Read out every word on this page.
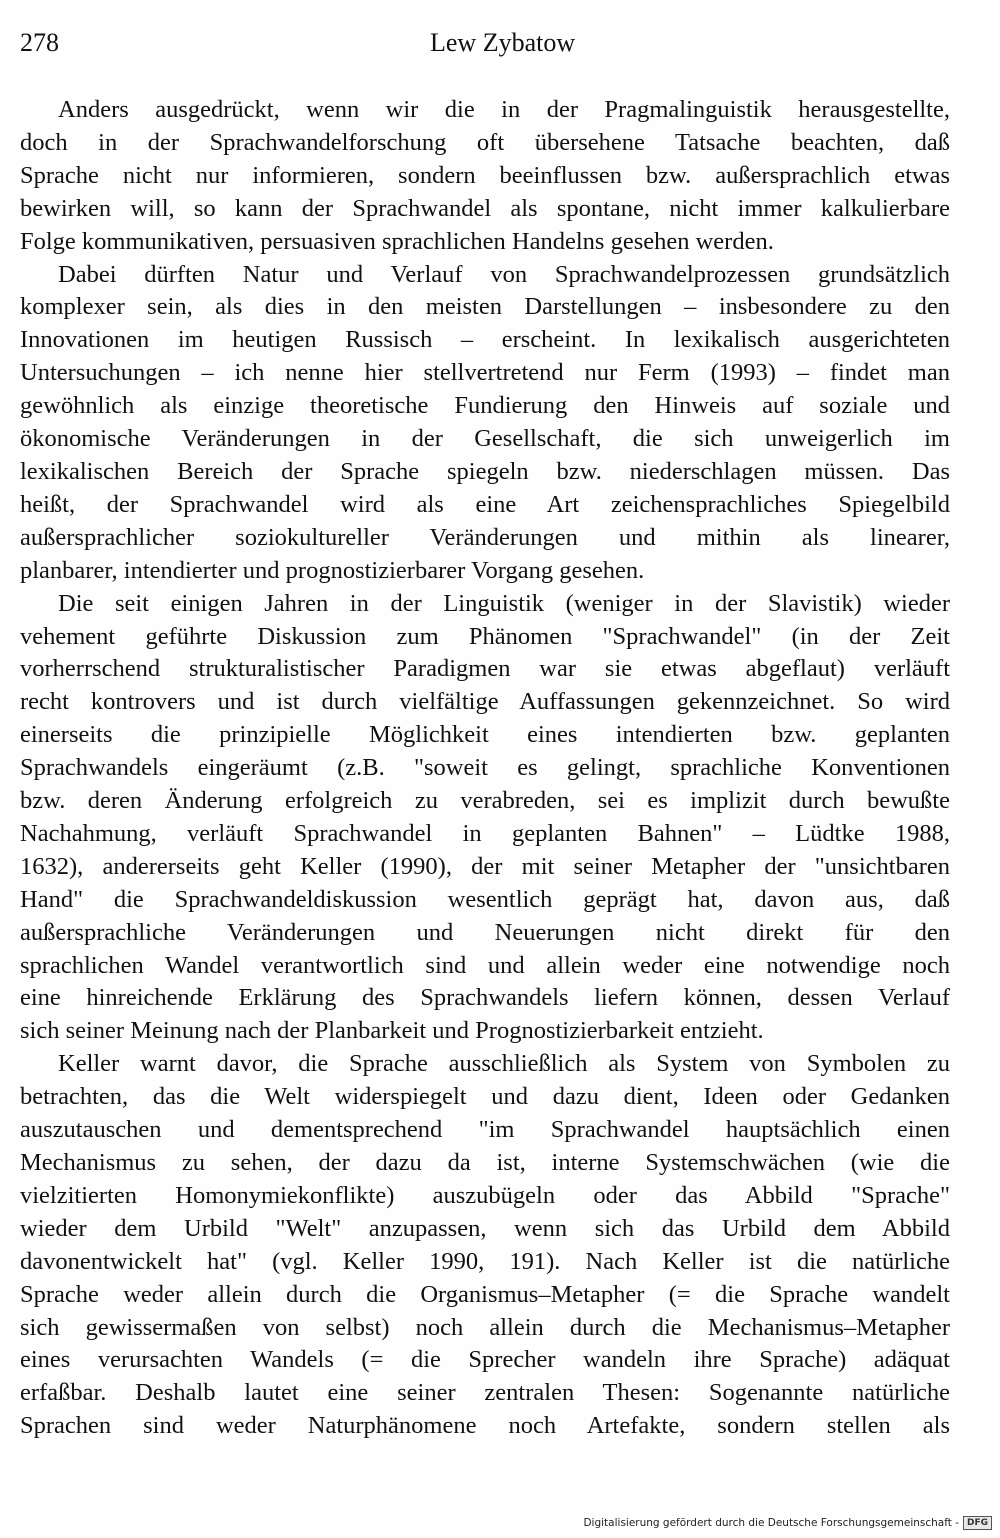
278	Lew Zybatow

Anders ausgedrückt, wenn wir die in der Pragmalinguistik herausgestellte,
doch in der Sprachwandelforschung oft übersehene Tatsache beachten, daß
Sprache nicht nur informieren, sondern beeinflussen bzw. außersprachlich etwas
bewirken will, so kann der Sprachwandel als spontane, nicht immer kalkulierbare
Folge kommunikativen, persuasiven sprachlichen Handelns gesehen werden.

Dabei dürften Natur und Verlauf von Sprachwandelprozessen grundsätzlich
komplexer sein, als dies in den meisten Darstellungen – insbesondere zu den
Innovationen im heutigen Russisch – erscheint. In lexikalisch ausgerichteten
Untersuchungen – ich nenne hier stellvertretend nur Ferm (1993) – findet man
gewöhnlich als einzige theoretische Fundierung den Hinweis auf soziale und
ökonomische Veränderungen in der Gesellschaft, die sich unweigerlich im
lexikalischen Bereich der Sprache spiegeln bzw. niederschlagen müssen. Das
heißt, der Sprachwandel wird als eine Art zeichensprachliches Spiegelbild
außersprachlicher soziokultureller Veränderungen und mithin als linearer,
planbarer, intendierter und prognostizierbarer Vorgang gesehen.

Die seit einigen Jahren in der Linguistik (weniger in der Slavistik) wieder
vehement geführte Diskussion zum Phänomen "Sprachwandel" (in der Zeit
vorherrschend strukturalistischer Paradigmen war sie etwas abgeflaut) verläuft
recht kontrovers und ist durch vielfältige Auffassungen gekennzeichnet. So wird
einerseits die prinzipielle Möglichkeit eines intendierten bzw. geplanten
Sprachwandels eingeräumt (z.B. "soweit es gelingt, sprachliche Konventionen
bzw. deren Änderung erfolgreich zu verabreden, sei es implizit durch bewußte
Nachahmung, verläuft Sprachwandel in geplanten Bahnen" – Lüdtke 1988,
1632), andererseits geht Keller (1990), der mit seiner Metapher der "unsichtbaren
Hand" die Sprachwandeldiskussion wesentlich geprägt hat, davon aus, daß
außersprachliche Veränderungen und Neuerungen nicht direkt für den
sprachlichen Wandel verantwortlich sind und allein weder eine notwendige noch
eine hinreichende Erklärung des Sprachwandels liefern können, dessen Verlauf
sich seiner Meinung nach der Planbarkeit und Prognostizierbarkeit entzieht.

Keller warnt davor, die Sprache ausschließlich als System von Symbolen zu
betrachten, das die Welt widerspiegelt und dazu dient, Ideen oder Gedanken
auszutauschen und dementsprechend "im Sprachwandel hauptsächlich einen
Mechanismus zu sehen, der dazu da ist, interne Systemschwächen (wie die
vielzitierten Homonymiekonflikte) auszubügeln oder das Abbild "Sprache"
wieder dem Urbild "Welt" anzupassen, wenn sich das Urbild dem Abbild
davonentwickelt hat" (vgl. Keller 1990, 191). Nach Keller ist die natürliche
Sprache weder allein durch die Organismus–Metapher (= die Sprache wandelt
sich gewissermaßen von selbst) noch allein durch die Mechanismus–Metapher
eines verursachten Wandels (= die Sprecher wandeln ihre Sprache) adäquat
erfaßbar. Deshalb lautet eine seiner zentralen Thesen: Sogenannte natürliche
Sprachen sind weder Naturphänomene noch Artefakte, sondern stellen als

Digitalisierung gefördert durch die Deutsche Forschungsgemeinschaft - DFG
